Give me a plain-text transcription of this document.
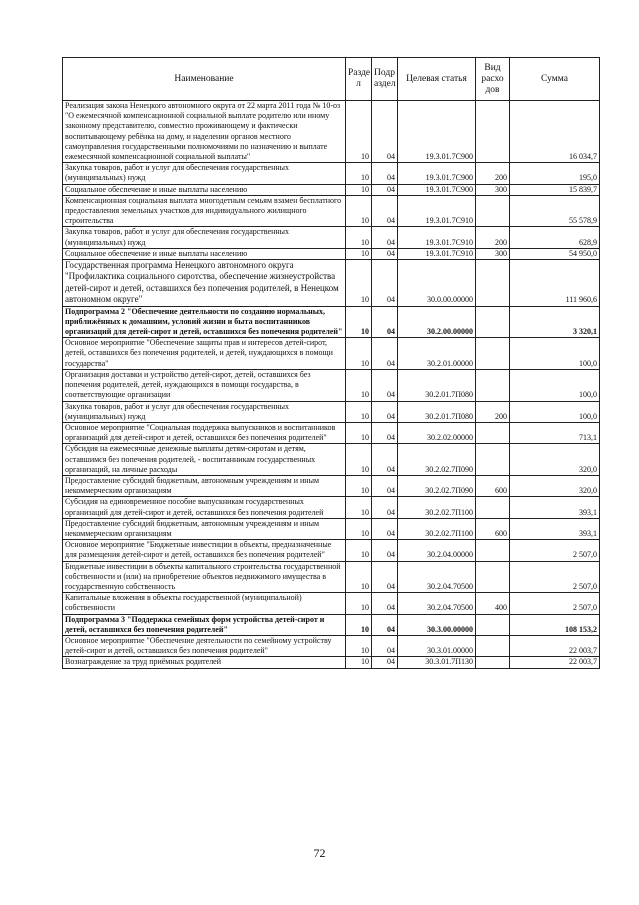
Наименование	Разде л	Подр аздел	Целевая статья	Вид расхо дов	Сумма
Реализация закона Ненецкого автономного округа от 22 марта 2011 года № 10-оз "О ежемесячной компенсационной социальной выплате родителю или иному законному представителю, совместно проживающему и фактически воспитывающему ребёнка на дому, и наделении органов местного самоуправления государственными полномочиями по назначению и выплате ежемесячной компенсационной социальной выплаты"	10	04	19.3.01.7С900		16 034,7
Закупка товаров, работ и услуг для обеспечения государственных (муниципальных) нужд	10	04	19.3.01.7С900	200	195,0
Социальное обеспечение и иные выплаты населению	10	04	19.3.01.7С900	300	15 839,7
Компенсационная социальная выплата многодетным семьям взамен бесплатного предоставления земельных участков для индивидуального жилищного строительства	10	04	19.3.01.7С910		55 578,9
Закупка товаров, работ и услуг для обеспечения государственных (муниципальных) нужд	10	04	19.3.01.7С910	200	628,9
Социальное обеспечение и иные выплаты населению	10	04	19.3.01.7С910	300	54 950,0
Государственная программа Ненецкого автономного округа "Профилактика социального сиротства, обеспечение жизнеустройства детей-сирот и детей, оставшихся без попечения родителей, в Ненецком автономном округе"	10	04	30.0.00.00000		111 960,6
Подпрограмма 2 "Обеспечение деятельности по созданию нормальных, приближённых к домашним, условий жизни и быта воспитанников организаций для детей-сирот и детей, оставшихся без попечения родителей"	10	04	30.2.00.00000		3 320,1
Основное мероприятие "Обеспечение защиты прав и интересов детей-сирот, детей, оставшихся без попечения родителей, и детей, нуждающихся в помощи государства"	10	04	30.2.01.00000		100,0
Организация доставки и устройство детей-сирот, детей, оставшихся без попечения родителей, детей, нуждающихся в помощи государства, в соответствующие организации	10	04	30.2.01.7П080		100,0
Закупка товаров, работ и услуг для обеспечения государственных (муниципальных) нужд	10	04	30.2.01.7П080	200	100,0
Основное мероприятие "Социальная поддержка выпускников и воспитанников организаций для детей-сирот и детей, оставшихся без попечения родителей"	10	04	30.2.02.00000		713,1
Субсидия на ежемесячные денежные выплаты детям-сиротам и детям, оставшимся без попечения родителей, - воспитанникам государственных организаций, на личные расходы	10	04	30.2.02.7П090		320,0
Предоставление субсидий бюджетным, автономным учреждениям и иным некоммерческим организациям	10	04	30.2.02.7П090	600	320,0
Субсидия на единовременное пособие выпускникам государственных организаций для детей-сирот и детей, оставшихся без попечения родителей	10	04	30.2.02.7П100		393,1
Предоставление субсидий бюджетным, автономным учреждениям и иным некоммерческим организациям	10	04	30.2.02.7П100	600	393,1
Основное мероприятие "Бюджетные инвестиции в объекты, предназначенные для размещения детей-сирот и детей, оставшихся без попечения родителей"	10	04	30.2.04.00000		2 507,0
Бюджетные инвестиции в объекты капитального строительства государственной собственности и (или) на приобретение объектов недвижимого имущества в государственную собственность	10	04	30.2.04.70500		2 507,0
Капитальные вложения в объекты государственной (муниципальной) собственности	10	04	30.2.04.70500	400	2 507,0
Подпрограмма 3 "Поддержка семейных форм устройства детей-сирот и детей, оставшихся без попечения родителей"	10	04	30.3.00.00000		108 153,2
Основное мероприятие "Обеспечение деятельности по семейному устройству детей-сирот и детей, оставшихся без попечения родителей"	10	04	30.3.01.00000		22 003,7
Вознаграждение за труд приёмных родителей	10	04	30.3.01.7П130		22 003,7
72
